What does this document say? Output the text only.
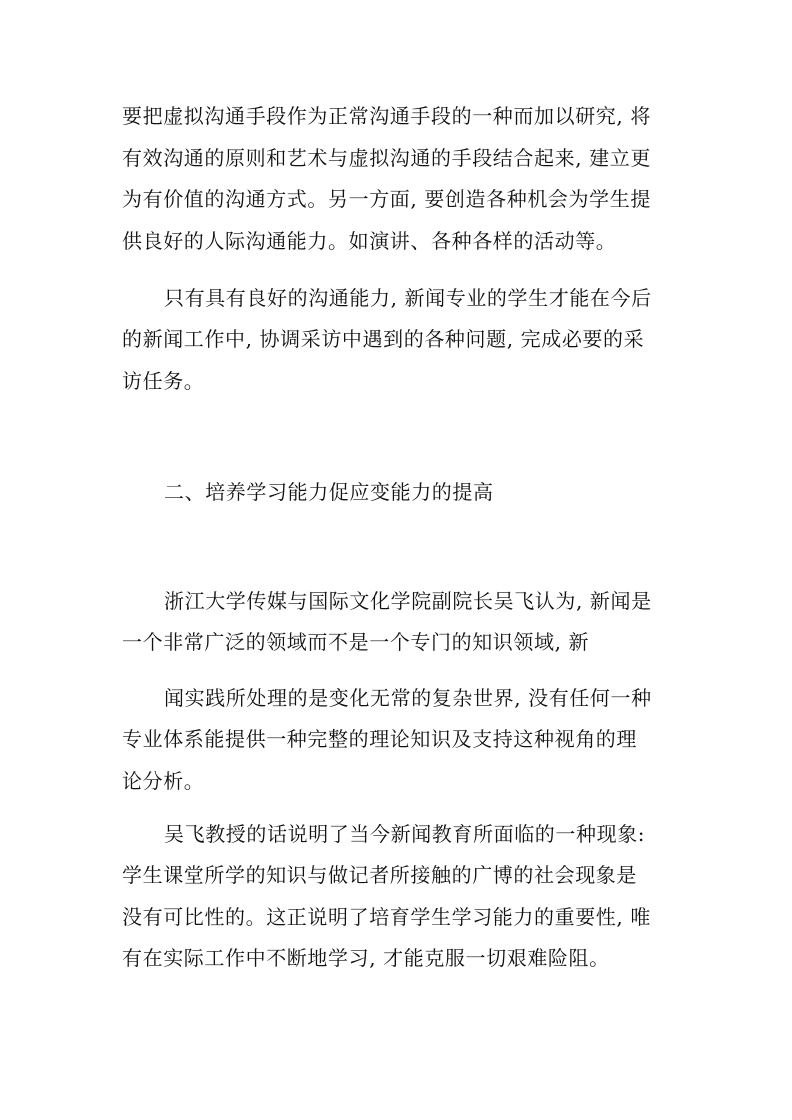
要把虚拟沟通手段作为正常沟通手段的一种而加以研究, 将
有效沟通的原则和艺术与虚拟沟通的手段结合起来, 建立更
为有价值的沟通方式。另一方面, 要创造各种机会为学生提
供良好的人际沟通能力。如演讲、各种各样的活动等。
只有具有良好的沟通能力, 新闻专业的学生才能在今后
的新闻工作中, 协调采访中遇到的各种问题, 完成必要的采
访任务。
二、培养学习能力促应变能力的提高
浙江大学传媒与国际文化学院副院长吴飞认为, 新闻是
一个非常广泛的领域而不是一个专门的知识领域, 新
闻实践所处理的是变化无常的复杂世界, 没有任何一种
专业体系能提供一种完整的理论知识及支持这种视角的理
论分析。
吴飞教授的话说明了当今新闻教育所面临的一种现象:
学生课堂所学的知识与做记者所接触的广博的社会现象是
没有可比性的。这正说明了培育学生学习能力的重要性, 唯
有在实际工作中不断地学习, 才能克服一切艰难险阻。
